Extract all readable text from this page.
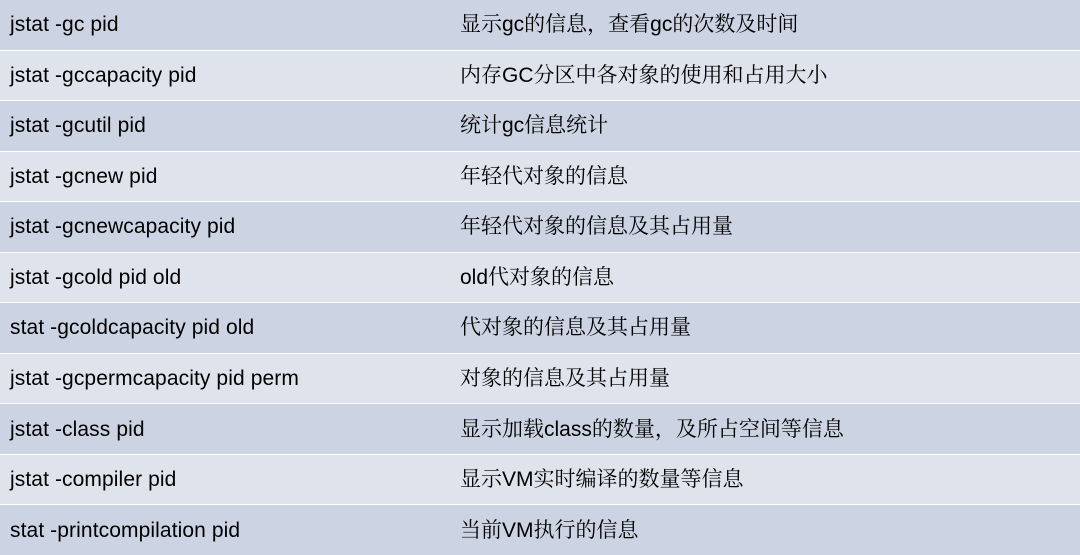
jstat -gc pid	显示gc的信息，查看gc的次数及时间
jstat -gccapacity pid	内存GC分区中各对象的使用和占用大小
jstat -gcutil pid	统计gc信息统计
jstat -gcnew pid	年轻代对象的信息
jstat -gcnewcapacity pid	年轻代对象的信息及其占用量
jstat -gcold pid old	old代对象的信息
stat -gcoldcapacity pid old	代对象的信息及其占用量
jstat -gcpermcapacity pid perm	对象的信息及其占用量
jstat -class pid	显示加载class的数量，及所占空间等信息
jstat -compiler pid	显示VM实时编译的数量等信息
stat -printcompilation pid	当前VM执行的信息
